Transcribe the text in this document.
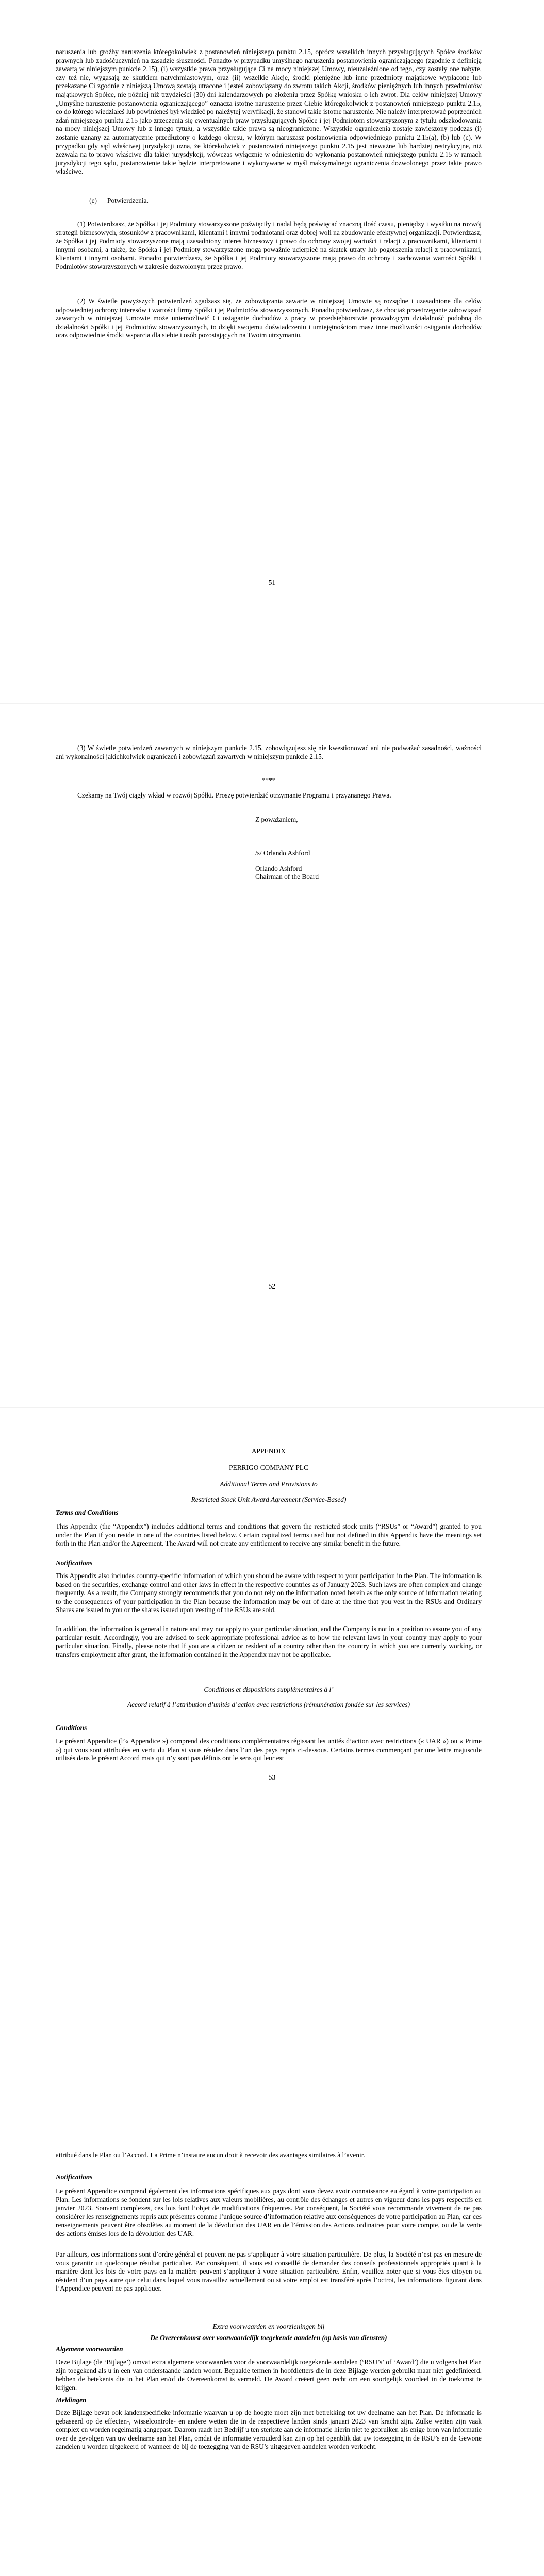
naruszenia lub groźby naruszenia któregokolwiek z postanowień niniejszego punktu 2.15, oprócz wszelkich innych przysługujących Spółce środków prawnych lub zadośćuczynień na zasadzie słuszności. Ponadto w przypadku umyślnego naruszenia postanowienia ograniczającego (zgodnie z definicją zawartą w niniejszym punkcie 2.15), (i) wszystkie prawa przysługujące Ci na mocy niniejszej Umowy, nieuzależnione od tego, czy zostały one nabyte, czy też nie, wygasają ze skutkiem natychmiastowym, oraz (ii) wszelkie Akcje, środki pieniężne lub inne przedmioty majątkowe wypłacone lub przekazane Ci zgodnie z niniejszą Umową zostają utracone i jesteś zobowiązany do zwrotu takich Akcji, środków pieniężnych lub innych przedmiotów majątkowych Spółce, nie później niż trzydzieści (30) dni kalendarzowych po złożeniu przez Spółkę wniosku o ich zwrot. Dla celów niniejszej Umowy „Umyślne naruszenie postanowienia ograniczającego” oznacza istotne naruszenie przez Ciebie któregokolwiek z postanowień niniejszego punktu 2.15, co do którego wiedziałeś lub powinieneś był wiedzieć po należytej weryfikacji, że stanowi takie istotne naruszenie. Nie należy interpretować poprzednich zdań niniejszego punktu 2.15 jako zrzeczenia się ewentualnych praw przysługujących Spółce i jej Podmiotom stowarzyszonym z tytułu odszkodowania na mocy niniejszej Umowy lub z innego tytułu, a wszystkie takie prawa są nieograniczone. Wszystkie ograniczenia zostaje zawieszony podczas (i) zostanie uznany za automatycznie przedłużony o każdego okresu, w którym naruszasz postanowienia odpowiedniego punktu 2.15(a), (b) lub (c). W przypadku gdy sąd właściwej jurysdykcji uzna, że którekolwiek z postanowień niniejszego punktu 2.15 jest nieważne lub bardziej restrykcyjne, niż zezwala na to prawo właściwe dla takiej jurysdykcji, wówczas wyłącznie w odniesieniu do wykonania postanowień niniejszego punktu 2.15 w ramach jurysdykcji tego sądu, postanowienie takie będzie interpretowane i wykonywane w myśl maksymalnego ograniczenia dozwolonego przez takie prawo właściwe.

(e) Potwierdzenia.

(1) Potwierdzasz, że Spółka i jej Podmioty stowarzyszone poświęciły i nadal będą poświęcać znaczną ilość czasu, pieniędzy i wysiłku na rozwój strategii biznesowych, stosunków z pracownikami, klientami i innymi podmiotami oraz dobrej woli na zbudowanie efektywnej organizacji. Potwierdzasz, że Spółka i jej Podmioty stowarzyszone mają uzasadniony interes biznesowy i prawo do ochrony swojej wartości i relacji z pracownikami, klientami i innymi osobami, a także, że Spółka i jej Podmioty stowarzyszone mogą poważnie ucierpieć na skutek utraty lub pogorszenia relacji z pracownikami, klientami i innymi osobami. Ponadto potwierdzasz, że Spółka i jej Podmioty stowarzyszone mają prawo do ochrony i zachowania wartości Spółki i Podmiotów stowarzyszonych w zakresie dozwolonym przez prawo.

(2) W świetle powyższych potwierdzeń zgadzasz się, że zobowiązania zawarte w niniejszej Umowie są rozsądne i uzasadnione dla celów odpowiedniej ochrony interesów i wartości firmy Spółki i jej Podmiotów stowarzyszonych. Ponadto potwierdzasz, że ​​chociaż przestrzeganie zobowiązań zawartych w niniejszej Umowie może uniemożliwić Ci osiąganie dochodów z pracy w przedsiębiorstwie prowadzącym działalność podobną do działalności Spółki i jej Podmiotów stowarzyszonych, to dzięki swojemu doświadczeniu i umiejętnościom masz inne możliwości osiągania dochodów oraz odpowiednie środki wsparcia dla siebie i osób pozostających na Twoim utrzymaniu.

51

(3) W świetle potwierdzeń zawartych w niniejszym punkcie 2.15, zobowiązujesz się nie kwestionować ani nie podważać zasadności, ważności ani wykonalności jakichkolwiek ograniczeń i zobowiązań zawartych w niniejszym punkcie 2.15.

****

Czekamy na Twój ciągły wkład w rozwój Spółki. Proszę potwierdzić otrzymanie Programu i przyznanego Prawa.

Z poważaniem,

/s/ Orlando Ashford

Orlando Ashford

Chairman of the Board

52

APPENDIX

PERRIGO COMPANY PLC

Additional Terms and Provisions to

Restricted Stock Unit Award Agreement (Service-Based)

Terms and Conditions

This Appendix (the “Appendix”) includes additional terms and conditions that govern the restricted stock units (“RSUs” or “Award”) granted to you under the Plan if you reside in one of the countries listed below. Certain capitalized terms used but not defined in this Appendix have the meanings set forth in the Plan and/or the Agreement. The Award will not create any entitlement to receive any similar benefit in the future.

Notifications

This Appendix also includes country-specific information of which you should be aware with respect to your participation in the Plan. The information is based on the securities, exchange control and other laws in effect in the respective countries as of January 2023. Such laws are often complex and change frequently. As a result, the Company strongly recommends that you do not rely on the information noted herein as the only source of information relating to the consequences of your participation in the Plan because the information may be out of date at the time that you vest in the RSUs and Ordinary Shares are issued to you or the shares issued upon vesting of the RSUs are sold.

In addition, the information is general in nature and may not apply to your particular situation, and the Company is not in a position to assure you of any particular result. Accordingly, you are advised to seek appropriate professional advice as to how the relevant laws in your country may apply to your particular situation. Finally, please note that if you are a citizen or resident of a country other than the country in which you are currently working, or transfers employment after grant, the information contained in the Appendix may not be applicable.

Conditions et dispositions supplémentaires à l’

Accord relatif à l’attribution d’unités d’action avec restrictions (rémunération fondée sur les services)

Conditions

Le présent Appendice (l’« Appendice ») comprend des conditions complémentaires régissant les unités d’action avec restrictions (« UAR ») ou « Prime ») qui vous sont attribuées en vertu du Plan si vous résidez dans l’un des pays repris ci-dessous. Certains termes commençant par une lettre majuscule utilisés dans le présent Accord mais qui n’y sont pas définis ont le sens qui leur est

53

attribué dans le Plan ou l’Accord. La Prime n’instaure aucun droit à recevoir des avantages similaires à l’avenir.

Notifications

Le présent Appendice comprend également des informations spécifiques aux pays dont vous devez avoir connaissance eu égard à votre participation au Plan. Les informations se fondent sur les lois relatives aux valeurs mobilières, au contrôle des échanges et autres en vigueur dans les pays respectifs en janvier 2023. Souvent complexes, ces lois font l’objet de modifications fréquentes. Par conséquent, la Société vous recommande vivement de ne pas considérer les renseignements repris aux présentes comme l’unique source d’information relative aux conséquences de votre participation au Plan, car ces renseignements peuvent être obsolètes au moment de la dévolution des UAR en de l’émission des Actions ordinaires pour votre compte, ou de la vente des actions émises lors de la dévolution des UAR.

Par ailleurs, ces informations sont d’ordre général et peuvent ne pas s’appliquer à votre situation particulière. De plus, la Société n’est pas en mesure de vous garantir un quelconque résultat particulier. Par conséquent, il vous est conseillé de demander des conseils professionnels appropriés quant à la manière dont les lois de votre pays en la matière peuvent s’appliquer à votre situation particulière. Enfin, veuillez noter que si vous êtes citoyen ou résident d’un pays autre que celui dans lequel vous travaillez actuellement ou si votre emploi est transféré après l’octroi, les informations figurant dans l’Appendice peuvent ne pas appliquer.

Extra voorwaarden en voorzieningen bij

De Overeenkomst over voorwaardelijk toegekende aandelen (op basis van diensten)

Algemene voorwaarden

Deze Bijlage (de ‘Bijlage’) omvat extra algemene voorwaarden voor de voorwaardelijk toegekende aandelen (‘RSU’s’ of ‘Award’) die u volgens het Plan zijn toegekend als u in een van onderstaande landen woont. Bepaalde termen in hoofdletters die in deze Bijlage werden gebruikt maar niet gedefinieerd, hebben de betekenis die in het Plan en/of de Overeenkomst is vermeld. De Award creëert geen recht om een soortgelijk voordeel in de toekomst te krijgen.

Meldingen

Deze Bijlage bevat ook landenspecifieke informatie waarvan u op de hoogte moet zijn met betrekking tot uw deelname aan het Plan. De informatie is gebaseerd op de effecten-, wisselcontrole- en andere wetten die in de respectieve landen sinds januari 2023 van kracht zijn. Zulke wetten zijn vaak complex en worden regelmatig aangepast. Daarom raadt het Bedrijf u ten sterkste aan de informatie hierin niet te gebruiken als enige bron van informatie over de gevolgen van uw deelname aan het Plan, omdat de informatie verouderd kan zijn op het ogenblik dat uw toezegging in de RSU’s en de Gewone aandelen u worden uitgekeerd of wanneer de bij de toezegging van de RSU’s uitgegeven aandelen worden verkocht.
